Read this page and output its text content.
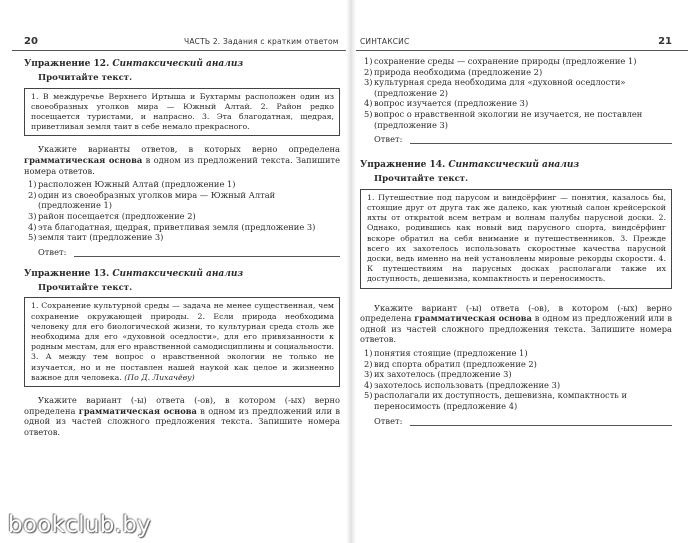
20	ЧАСТЬ 2. Задания с кратким ответом
Упражнение 12. Синтаксический анализ
Прочитайте текст.
1. В междуречье Верхнего Иртыша и Бухтармы расположен один из своеобразных уголков мира — Южный Алтай. 2. Район редко посещается туристами, и напрасно. 3. Эта благодатная, щедрая, приветливая земля таит в себе немало прекрасного.

Укажите варианты ответов, в которых верно определена грамматическая основа в одном из предложений текста. Запишите номера ответов.

1)расположен Южный Алтай (предложение 1)
2)один из своеобразных уголков мира — Южный Алтай (предложение 1)
3)район посещается (предложение 2)
4)эта благодатная, щедрая, приветливая земля (предложение 3)
5)земля таит (предложение 3)
Ответ:
Упражнение 13. Синтаксический анализ
Прочитайте текст.
1. Сохранение культурной среды — задача не менее существенная, чем сохранение окружающей природы. 2. Если природа необходима человеку для его биологической жизни, то культурная среда столь же необходима для его «духовной оседлости», для его привязанности к родным местам, для его нравственной самодисциплины и социальности. 3. А между тем вопрос о нравственной экологии не только не изучается, но и не поставлен нашей наукой как целое и жизненно важное для человека. (По Д. Лихачёву)

Укажите вариант (-ы) ответа (-ов), в котором (-ых) верно определена грамматическая основа в одном из предложений или в одной из частей сложного предложения текста. Запишите номера ответов.

СИНТАКСИС	21
1)сохранение среды — сохранение природы (предложение 1)
2)природа необходима (предложение 2)
3)культурная среда необходима для «духовной оседлости» (предложение 2)
4)вопрос изучается (предложение 3)
5)вопрос о нравственной экологии не изучается, не поставлен (предложение 3)
Ответ:
Упражнение 14. Синтаксический анализ
Прочитайте текст.
1. Путешествие под парусом и виндсёрфинг — понятия, казалось бы, стоящие друг от друга так же далеко, как уютный салон крейсерской яхты от открытой всем ветрам и волнам палубы парусной доски. 2. Однако, родившись как новый вид парусного спорта, виндсёрфинг вскоре обратил на себя внимание и путешественников. 3. Прежде всего их захотелось использовать скоростные качества парусной доски, ведь именно на ней установлены мировые рекорды скорости. 4. К путешествиям на парусных досках располагали также их доступность, дешевизна, компактность и переносимость.

Укажите вариант (-ы) ответа (-ов), в котором (-ых) верно определена грамматическая основа в одном из предложений или в одной из частей сложного предложения текста. Запишите номера ответов.

1)понятия стоящие (предложение 1)
2)вид спорта обратил (предложение 2)
3)их захотелось (предложение 3)
4)захотелось использовать (предложение 3)
5)располагали их доступность, дешевизна, компактность и переносимость (предложение 4)
Ответ:
bookclub.by
